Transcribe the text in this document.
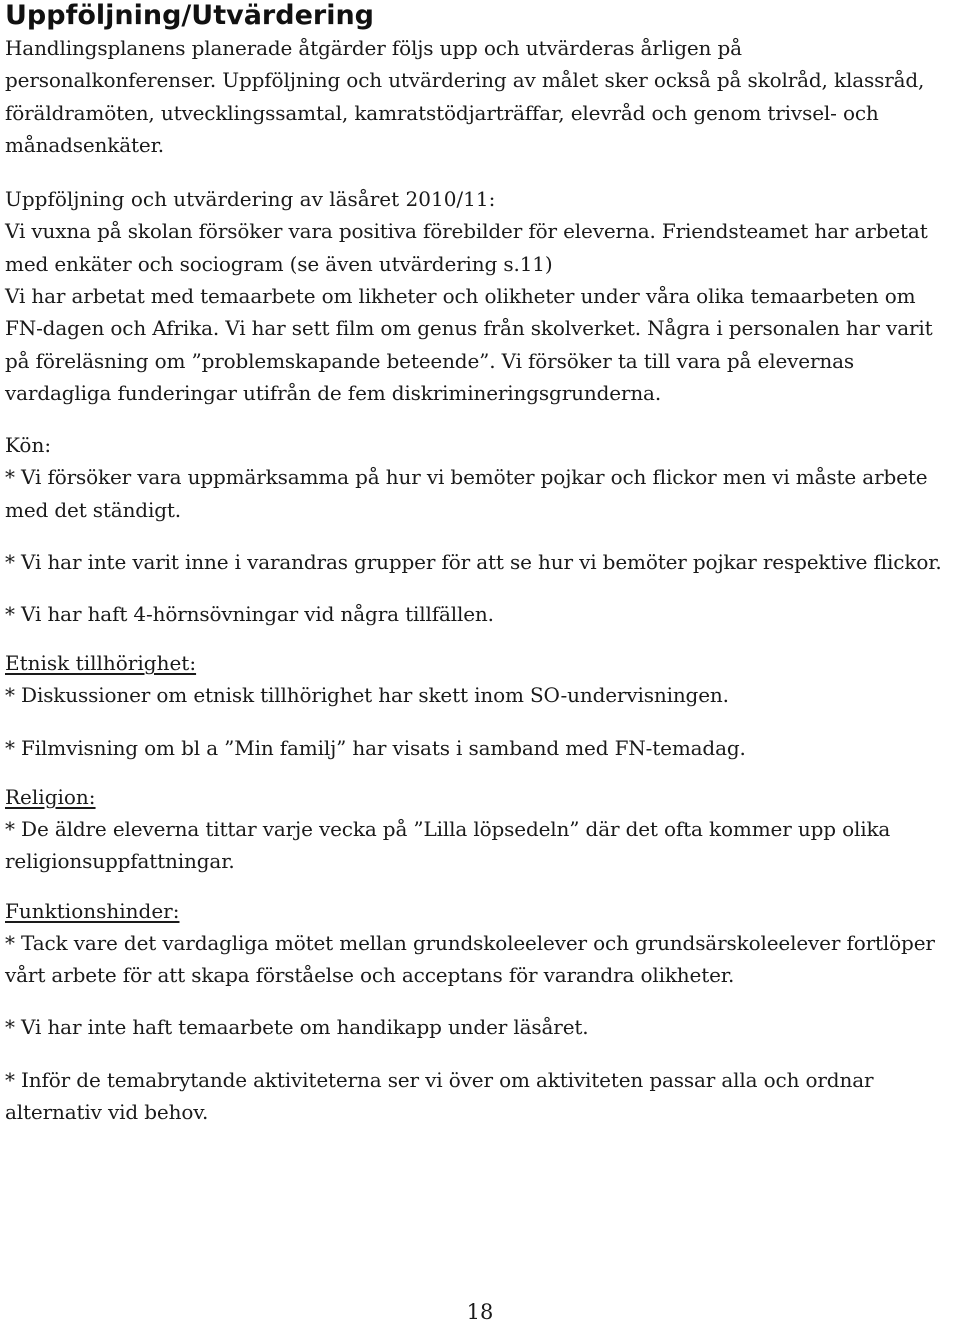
Uppföljning/Utvärdering

Handlingsplanens planerade åtgärder följs upp och utvärderas årligen på personalkonferenser. Uppföljning och utvärdering av målet sker också på skolråd, klassråd, föräldramöten, utvecklingssamtal, kamratstödjarträffar, elevråd och genom trivsel- och månadsenkäter.

Uppföljning och utvärdering av läsåret 2010/11:

Vi vuxna på skolan försöker vara positiva förebilder för eleverna. Friendsteamet har arbetat med enkäter och sociogram (se även utvärdering s.11)

Vi har arbetat med temaarbete om likheter och olikheter under våra olika temaarbeten om FN-dagen och Afrika. Vi har sett film om genus från skolverket. Några i personalen har varit på föreläsning om ”problemskapande beteende”. Vi försöker ta till vara på elevernas vardagliga funderingar utifrån de fem diskrimineringsgrunderna.

Kön:

* Vi försöker vara uppmärksamma på hur vi bemöter pojkar och flickor men vi måste arbete med det ständigt.

* Vi har inte varit inne i varandras grupper för att se hur vi bemöter pojkar respektive flickor.

* Vi har haft 4-hörnsövningar vid några tillfällen.

Etnisk tillhörighet:

* Diskussioner om etnisk tillhörighet har skett inom SO-undervisningen.

* Filmvisning om bl a ”Min familj” har visats i samband med FN-temadag.

Religion:

* De äldre eleverna tittar varje vecka på ”Lilla löpsedeln” där det ofta kommer upp olika religionsuppfattningar.

Funktionshinder:

* Tack vare det vardagliga mötet mellan grundskoleelever och grundsärskoleelever fortlöper vårt arbete för att skapa förståelse och acceptans för varandra olikheter.

* Vi har inte haft temaarbete om handikapp under läsåret.

* Inför de temabrytande aktiviteterna ser vi över om aktiviteten passar alla och ordnar alternativ vid behov.

18
